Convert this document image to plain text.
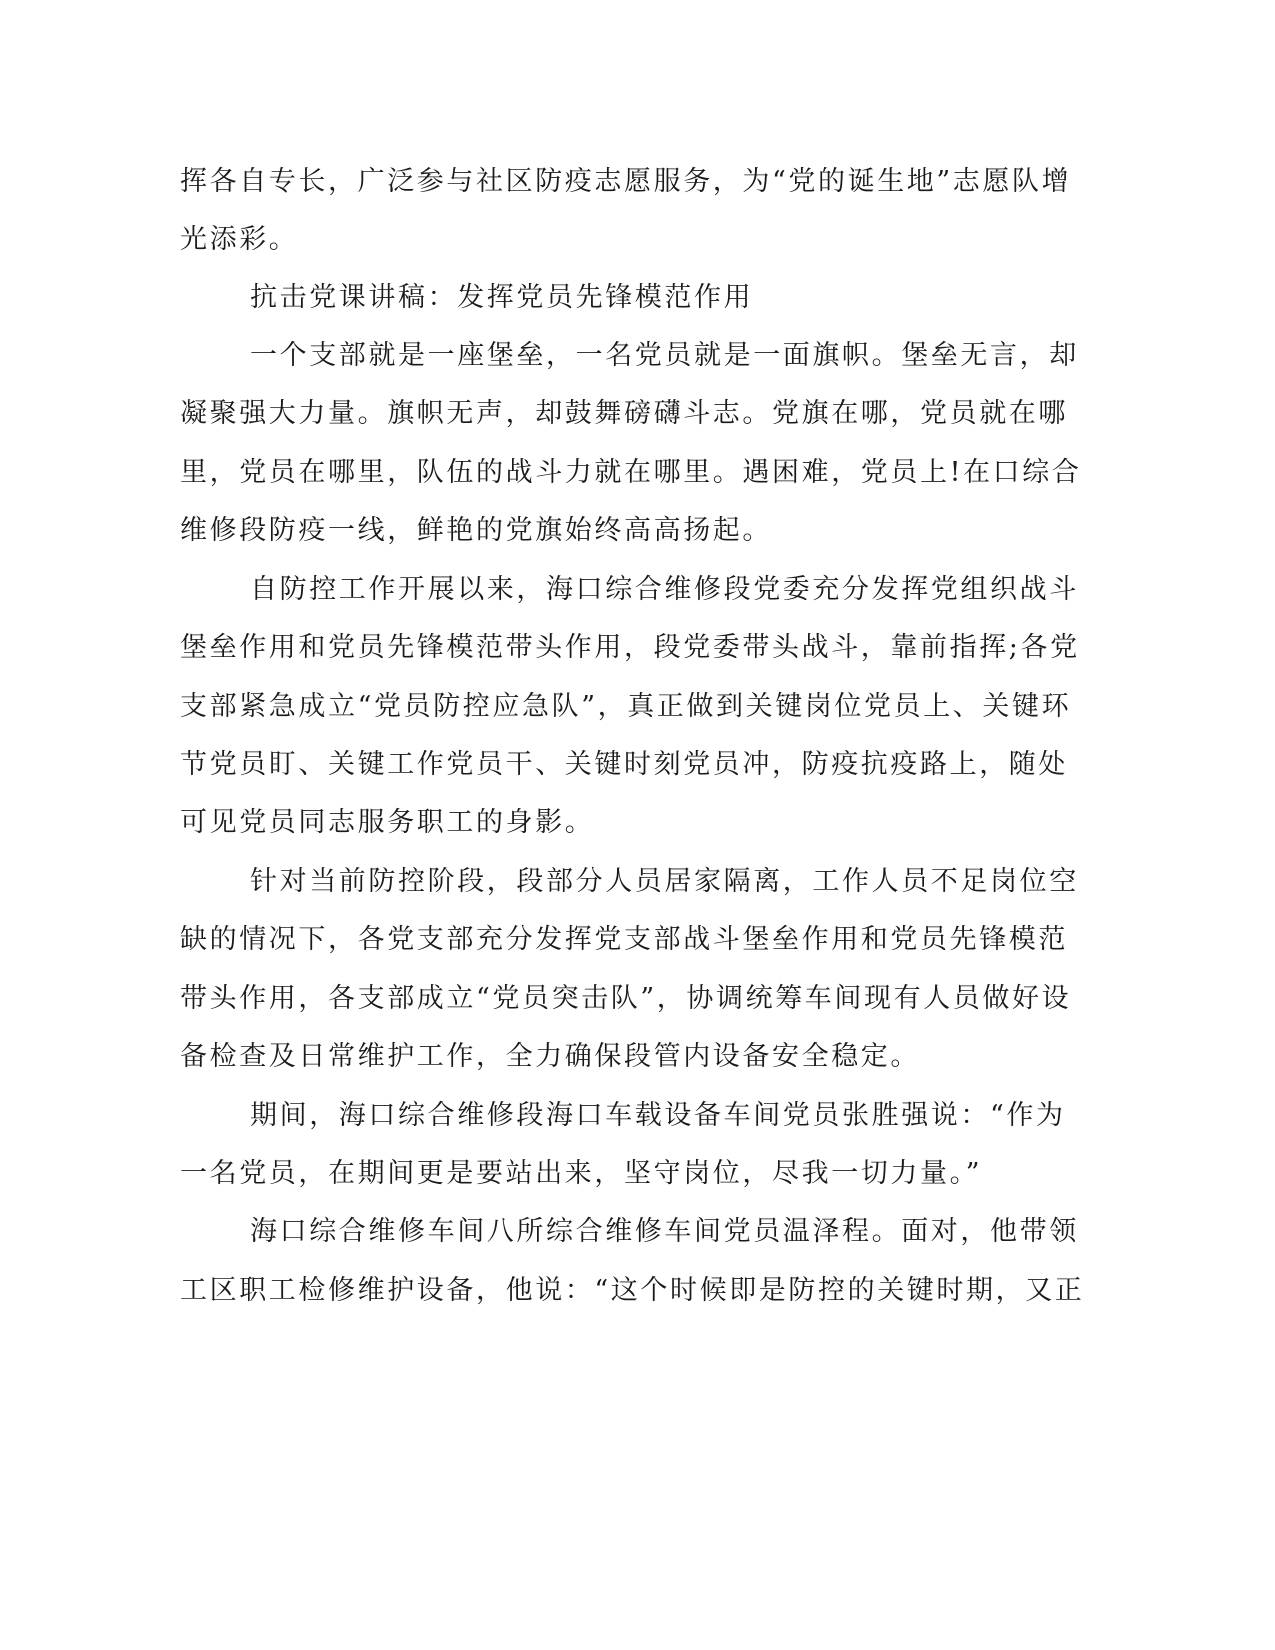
挥各自专长，广泛参与社区防疫志愿服务，为“党的诞生地”志愿队增
光添彩。
抗击党课讲稿：发挥党员先锋模范作用
一个支部就是一座堡垒，一名党员就是一面旗帜。堡垒无言，却
凝聚强大力量。旗帜无声，却鼓舞磅礴斗志。党旗在哪，党员就在哪
里，党员在哪里，队伍的战斗力就在哪里。遇困难，党员上!在口综合
维修段防疫一线，鲜艳的党旗始终高高扬起。
自防控工作开展以来，海口综合维修段党委充分发挥党组织战斗
堡垒作用和党员先锋模范带头作用，段党委带头战斗，靠前指挥;各党
支部紧急成立“党员防控应急队”，真正做到关键岗位党员上、关键环
节党员盯、关键工作党员干、关键时刻党员冲，防疫抗疫路上，随处
可见党员同志服务职工的身影。
针对当前防控阶段，段部分人员居家隔离，工作人员不足岗位空
缺的情况下，各党支部充分发挥党支部战斗堡垒作用和党员先锋模范
带头作用，各支部成立“党员突击队”，协调统筹车间现有人员做好设
备检查及日常维护工作，全力确保段管内设备安全稳定。
期间，海口综合维修段海口车载设备车间党员张胜强说：“作为
一名党员，在期间更是要站出来，坚守岗位，尽我一切力量。”
海口综合维修车间八所综合维修车间党员温泽程。面对，他带领
工区职工检修维护设备，他说：“这个时候即是防控的关键时期，又正
